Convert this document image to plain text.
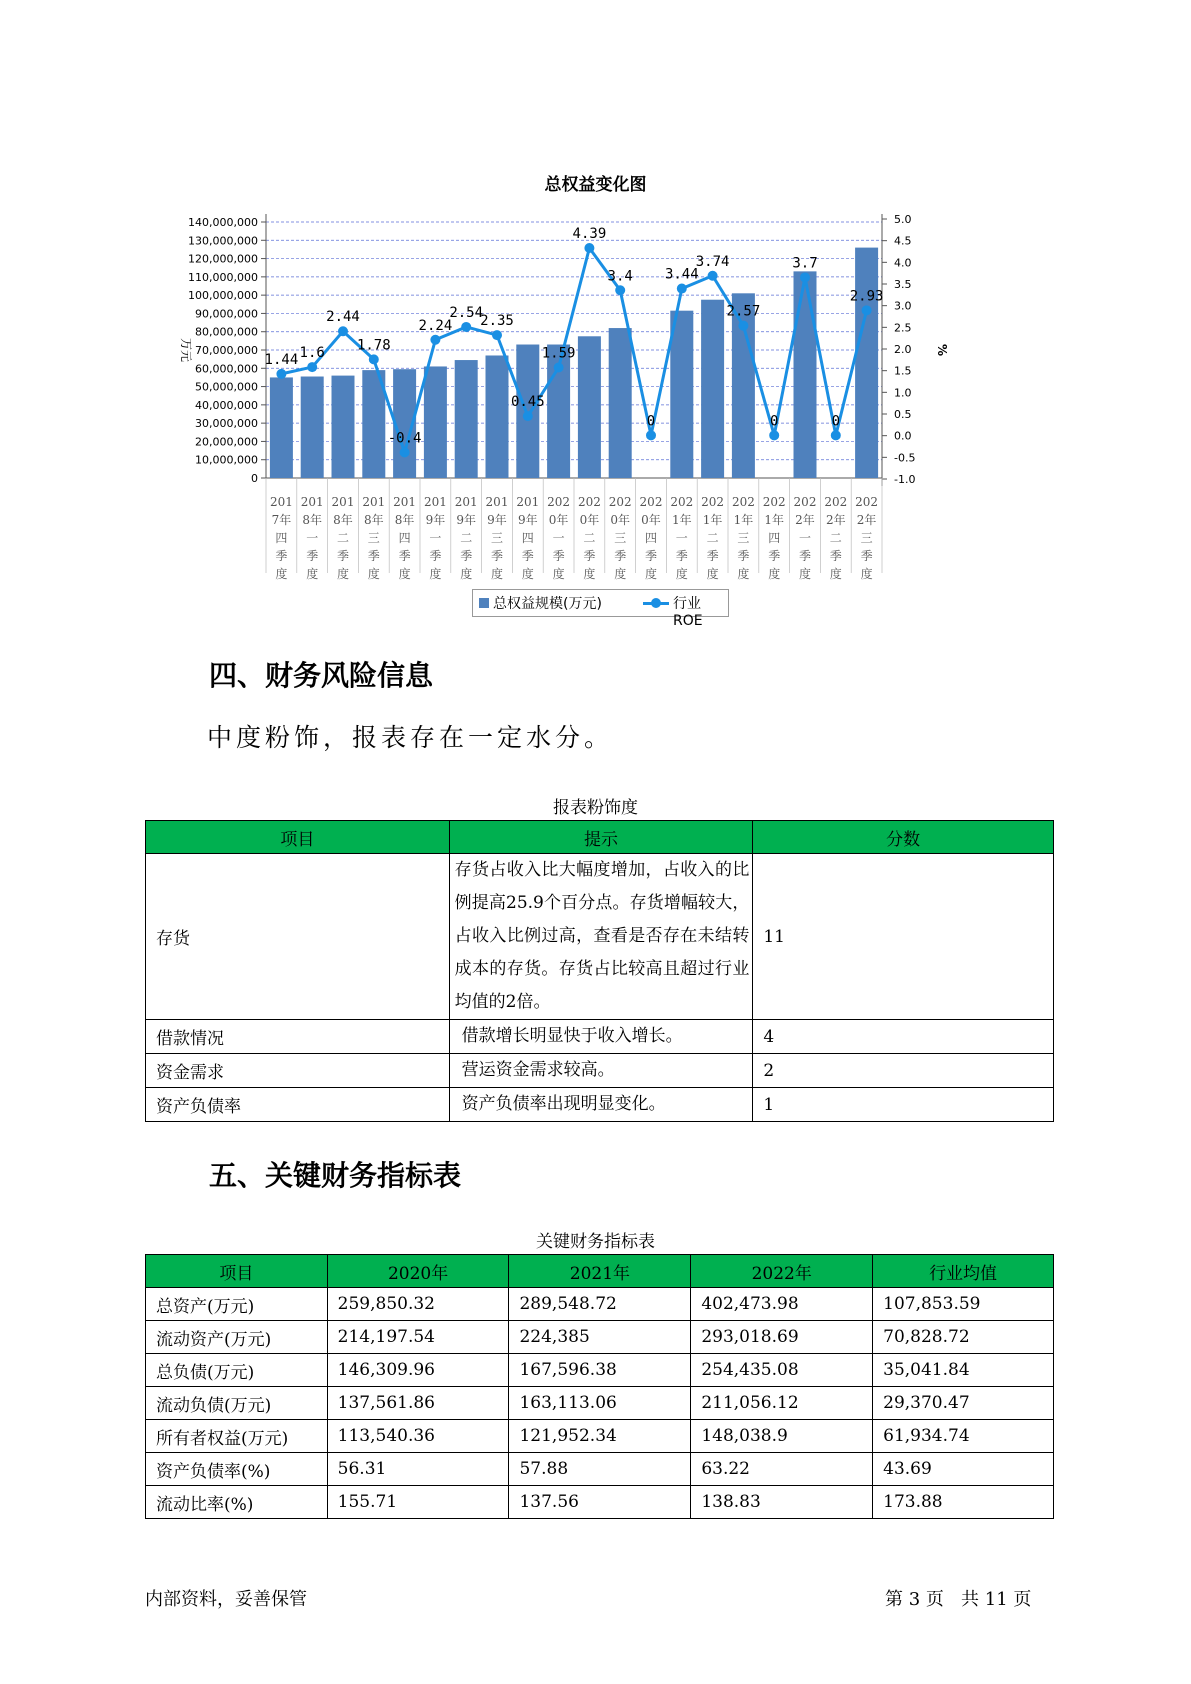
总权益变化图
140,000,000
130,000,000
120,000,000
110,000,000
100,000,000
90,000,000
80,000,000
70,000,000
60,000,000
50,000,000
40,000,000
30,000,000
20,000,000
10,000,000
0
5.0
4.5
4.0
3.5
3.0
2.5
2.0
1.5
1.0
0.5
0.0
-0.5
-1.0
万元	%
201
7年
四
季
度
201
8年
一
季
度
201
8年
二
季
度
201
8年
三
季
度
201
8年
四
季
度
201
9年
一
季
度
201
9年
二
季
度
201
9年
三
季
度
201
9年
四
季
度
202
0年
一
季
度
202
0年
二
季
度
202
0年
三
季
度
202
0年
四
季
度
202
1年
一
季
度
202
1年
二
季
度
202
1年
三
季
度
202
1年
四
季
度
202
2年
一
季
度
202
2年
二
季
度
202
2年
三
季
度
1.44 1.6
2.44
1.78
-0.4
2.24
2.54
2.35
0.45
1.59
4.39
3.4
0
3.44
3.74
2.57
0
3.7
0
2.93
总权益规模(万元)	行业ROE
四、财务风险信息
中度粉饰，报表存在一定水分。
报表粉饰度
项目	提示	分数
存货	存货占收入比大幅度增加，占收入的比例提高25.9个百分点。存货增幅较大，占收入比例过高，查看是否存在未结转成本的存货。存货占比较高且超过行业均值的2倍。	11
借款情况	借款增长明显快于收入增长。	4
资金需求	营运资金需求较高。	2
资产负债率	资产负债率出现明显变化。	1
五、关键财务指标表
关键财务指标表
项目	2020年	2021年	2022年	行业均值
总资产(万元)	259,850.32	289,548.72	402,473.98	107,853.59
流动资产(万元)	214,197.54	224,385	293,018.69	70,828.72
总负债(万元)	146,309.96	167,596.38	254,435.08	35,041.84
流动负债(万元)	137,561.86	163,113.06	211,056.12	29,370.47
所有者权益(万元)	113,540.36	121,952.34	148,038.9	61,934.74
资产负债率(%)	56.31	57.88	63.22	43.69
流动比率(%)	155.71	137.56	138.83	173.88
内部资料，妥善保管	第 3 页   共 11 页
